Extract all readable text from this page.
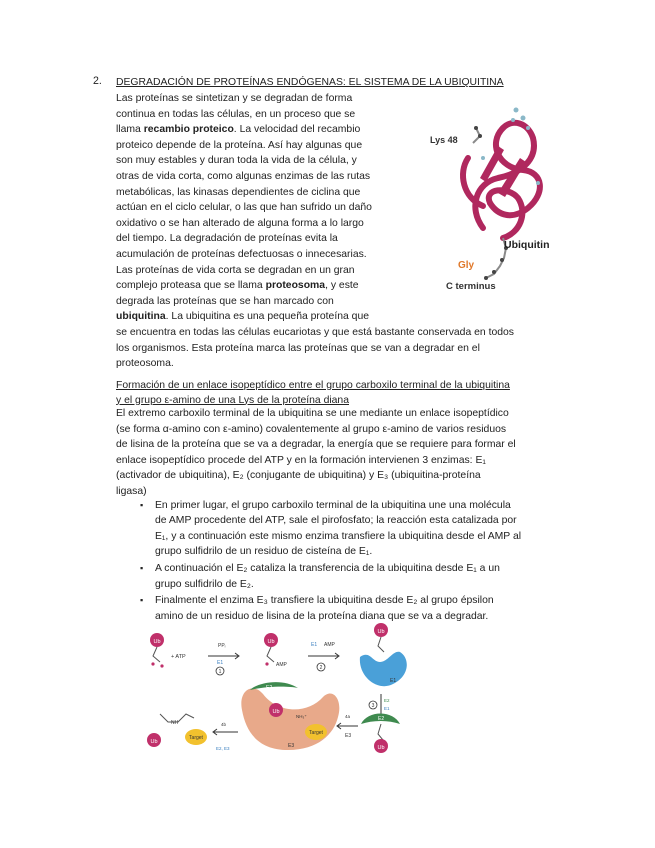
2. DEGRADACIÓN DE PROTEÍNAS ENDÓGENAS: EL SISTEMA DE LA UBIQUITINA
Las proteínas se sintetizan y se degradan de forma
continua en todas las células, en un proceso que se
llama recambio proteico. La velocidad del recambio
proteico depende de la proteína. Así hay algunas que
son muy estables y duran toda la vida de la célula, y
otras de vida corta, como algunas enzimas de las rutas
metabólicas, las kinasas dependientes de ciclina que
actúan en el ciclo celular, o las que han sufrido un daño
oxidativo o se han alterado de alguna forma a lo largo
del tiempo. La degradación de proteínas evita la
acumulación de proteínas defectuosas o innecesarias.
Las proteínas de vida corta se degradan en un gran
complejo proteasa que se llama proteosoma, y este
degrada las proteínas que se han marcado con
ubiquitina. La ubiquitina es una pequeña proteína que
se encuentra en todas las células eucariotas y que está bastante conservada en todos
los organismos. Esta proteína marca las proteínas que se van a degradar en el
proteosoma.
Formación de un enlace isopeptídico entre el grupo carboxilo terminal de la ubiquitina
y el grupo ε-amino de una Lys de la proteína diana
El extremo carboxilo terminal de la ubiquitina se une mediante un enlace isopeptídico
(se forma α-amino con ε-amino) covalentemente al grupo ε-amino de varios residuos
de lisina de la proteína que se va a degradar, la energía que se requiere para formar el
enlace isopeptídico procede del ATP y en la formación intervienen 3 enzimas: E₁
(activador de ubiquitina), E₂ (conjugante de ubiquitina) y E₃ (ubiquitina-proteína
ligasa)
▪ En primer lugar, el grupo carboxilo terminal de la ubiquitina une una molécula
de AMP procedente del ATP, sale el pirofosfato; la reacción esta catalizada por
E₁, y a continuación este mismo enzima transfiere la ubiquitina desde el AMP al
grupo sulfidrilo de un residuo de cisteína de E₁.
▪ A continuación el E₂ cataliza la transferencia de la ubiquitina desde E₁ a un
grupo sulfidrilo de E₂.
▪ Finalmente el enzima E₃ transfiere la ubiquitina desde E₂ al grupo épsilon
amino de un residuo de lisina de la proteína diana que se va a degradar.
Lys 48
Ubiquitin
Gly
C terminus
Ub
+ ATP
PPᵢ
E1
1
Ub
AMP
E1 AMP
2
Ub
E1
E2
E1
3
E2
Ub
4a
E3
E2
E3
Ub
NH₃⁺
Target
4b
E2, E3
NH
Ub
Target
